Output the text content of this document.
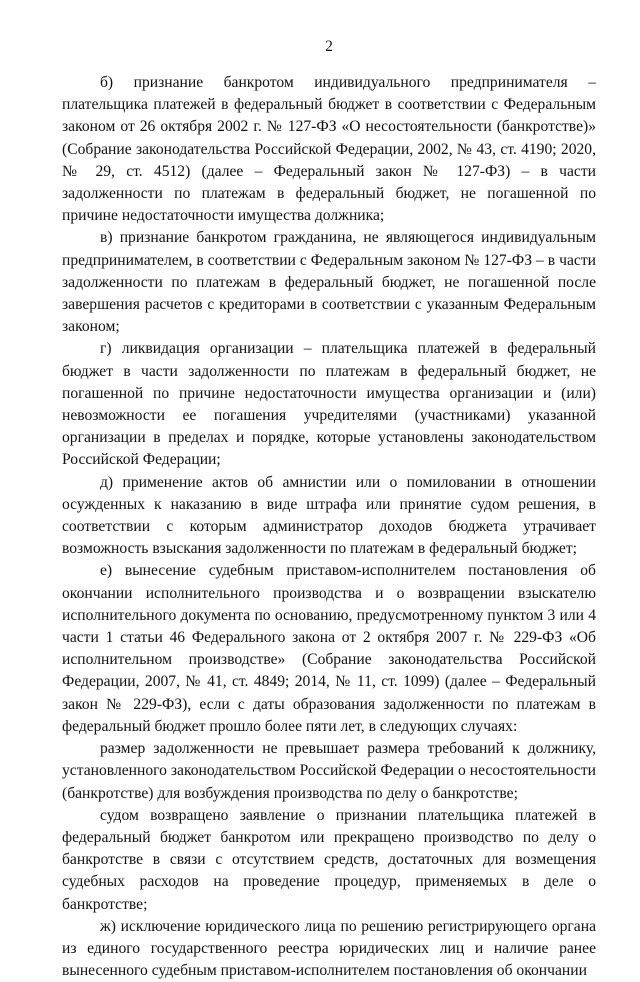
2

б) признание банкротом индивидуального предпринимателя – плательщика платежей в федеральный бюджет в соответствии с Федеральным законом от 26 октября 2002 г. № 127-ФЗ «О несостоятельности (банкротстве)» (Собрание законодательства Российской Федерации, 2002, № 43, ст. 4190; 2020, № 29, ст. 4512) (далее – Федеральный закон № 127-ФЗ) – в части задолженности по платежам в федеральный бюджет, не погашенной по причине недостаточности имущества должника;

в) признание банкротом гражданина, не являющегося индивидуальным предпринимателем, в соответствии с Федеральным законом № 127-ФЗ – в части задолженности по платежам в федеральный бюджет, не погашенной после завершения расчетов с кредиторами в соответствии с указанным Федеральным законом;

г) ликвидация организации – плательщика платежей в федеральный бюджет в части задолженности по платежам в федеральный бюджет, не погашенной по причине недостаточности имущества организации и (или) невозможности ее погашения учредителями (участниками) указанной организации в пределах и порядке, которые установлены законодательством Российской Федерации;

д) применение актов об амнистии или о помиловании в отношении осужденных к наказанию в виде штрафа или принятие судом решения, в соответствии с которым администратор доходов бюджета утрачивает возможность взыскания задолженности по платежам в федеральный бюджет;

е) вынесение судебным приставом-исполнителем постановления об окончании исполнительного производства и о возвращении взыскателю исполнительного документа по основанию, предусмотренному пунктом 3 или 4 части 1 статьи 46 Федерального закона от 2 октября 2007 г. № 229-ФЗ «Об исполнительном производстве» (Собрание законодательства Российской Федерации, 2007, № 41, ст. 4849; 2014, № 11, ст. 1099) (далее – Федеральный закон № 229-ФЗ), если с даты образования задолженности по платежам в федеральный бюджет прошло более пяти лет, в следующих случаях:

размер задолженности не превышает размера требований к должнику, установленного законодательством Российской Федерации о несостоятельности (банкротстве) для возбуждения производства по делу о банкротстве;

судом возвращено заявление о признании плательщика платежей в федеральный бюджет банкротом или прекращено производство по делу о банкротстве в связи с отсутствием средств, достаточных для возмещения судебных расходов на проведение процедур, применяемых в деле о банкротстве;

ж) исключение юридического лица по решению регистрирующего органа из единого государственного реестра юридических лиц и наличие ранее вынесенного судебным приставом-исполнителем постановления об окончании
